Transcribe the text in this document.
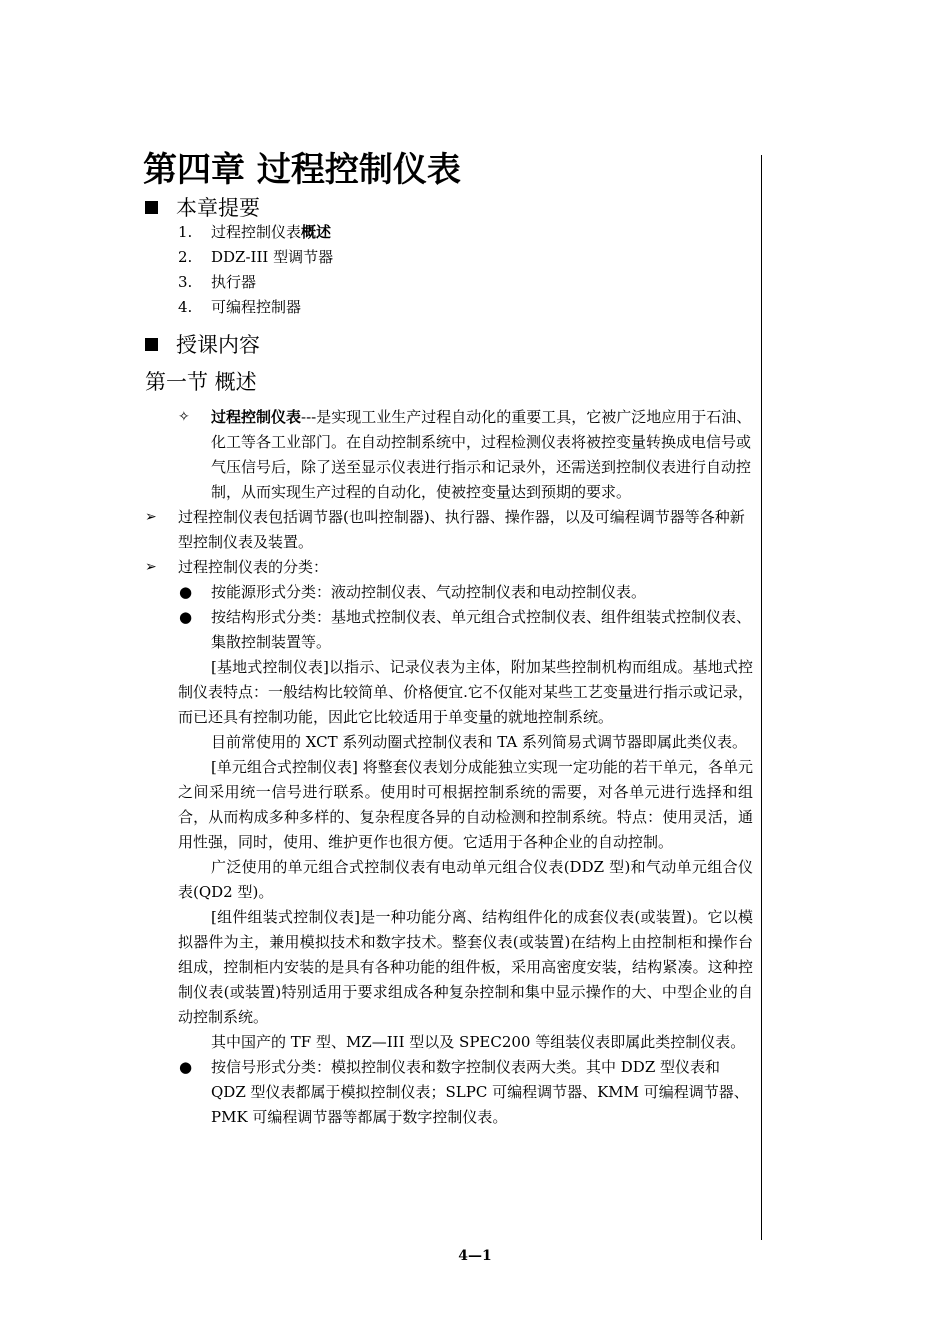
第四章 过程控制仪表
本章提要
1. 过程控制仪表概述
2. DDZ-III 型调节器
3. 执行器
4. 可编程控制器
授课内容
第一节 概述
✧ 过程控制仪表---是实现工业生产过程自动化的重要工具，它被广泛地应用于石油、化工等各工业部门。在自动控制系统中，过程检测仪表将被控变量转换成电信号或气压信号后，除了送至显示仪表进行指示和记录外，还需送到控制仪表进行自动控制，从而实现生产过程的自动化，使被控变量达到预期的要求。
➢ 过程控制仪表包括调节器(也叫控制器)、执行器、操作器，以及可编程调节器等各种新型控制仪表及装置。
➢ 过程控制仪表的分类：
● 按能源形式分类：液动控制仪表、气动控制仪表和电动控制仪表。
● 按结构形式分类：基地式控制仪表、单元组合式控制仪表、组件组装式控制仪表、集散控制装置等。
[基地式控制仪表]以指示、记录仪表为主体，附加某些控制机构而组成。基地式控制仪表特点：一般结构比较简单、价格便宜.它不仅能对某些工艺变量进行指示或记录，而已还具有控制功能，因此它比较适用于单变量的就地控制系统。
目前常使用的 XCT 系列动圈式控制仪表和 TA 系列简易式调节器即属此类仪表。
[单元组合式控制仪表] 将整套仪表划分成能独立实现一定功能的若干单元，各单元之间采用统一信号进行联系。使用时可根据控制系统的需要，对各单元进行选择和组合，从而构成多种多样的、复杂程度各异的自动检测和控制系统。特点：使用灵活，通用性强，同时，使用、维护更作也很方便。它适用于各种企业的自动控制。
广泛使用的单元组合式控制仪表有电动单元组合仪表(DDZ 型)和气动单元组合仪表(QD2 型)。
[组件组装式控制仪表]是一种功能分离、结构组件化的成套仪表(或装置)。它以模拟器件为主，兼用模拟技术和数字技术。整套仪表(或装置)在结构上由控制柜和操作台组成，控制柜内安装的是具有各种功能的组件板，采用高密度安装，结构紧凑。这种控制仪表(或装置)特别适用于要求组成各种复杂控制和集中显示操作的大、中型企业的自动控制系统。
其中国产的 TF 型、MZ—III 型以及 SPEC200 等组装仪表即属此类控制仪表。
● 按信号形式分类：模拟控制仪表和数字控制仪表两大类。其中 DDZ 型仪表和 QDZ 型仪表都属于模拟控制仪表；SLPC 可编程调节器、KMM 可编程调节器、PMK 可编程调节器等都属于数字控制仪表。
4—1
